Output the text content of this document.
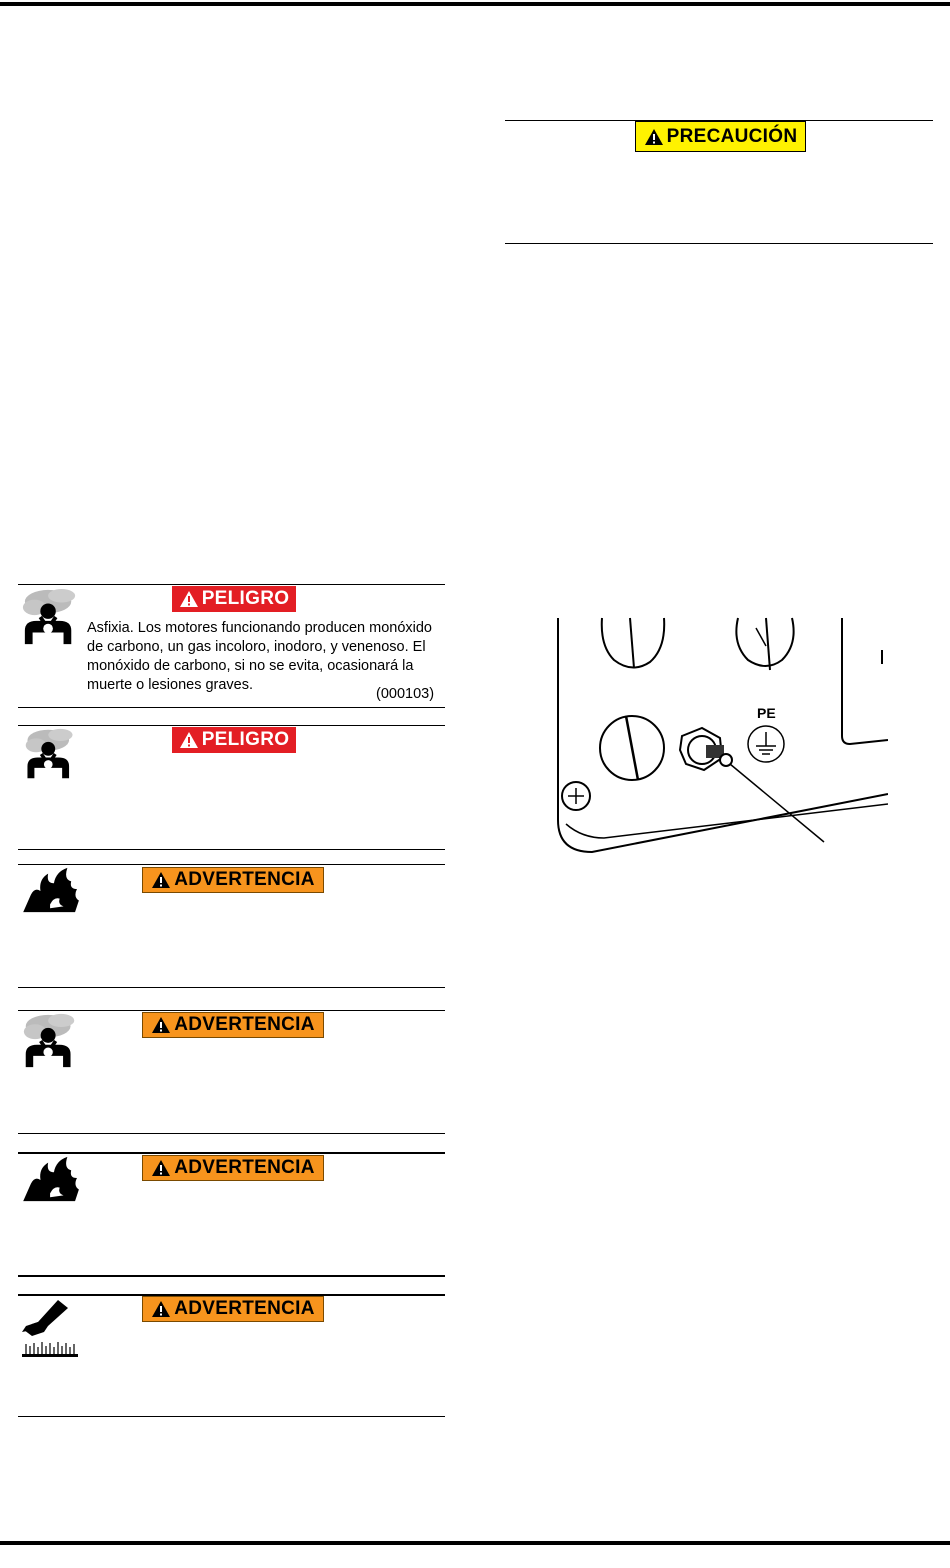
PRECAUCIÓN
PELIGRO

Asfixia. Los motores funcionando producen monóxido de carbono, un gas incoloro, inodoro, y venenoso. El monóxido de carbono, si no se evita, ocasionará la muerte o lesiones graves.

(000103)
PELIGRO
ADVERTENCIA
ADVERTENCIA
ADVERTENCIA
ADVERTENCIA
PE
